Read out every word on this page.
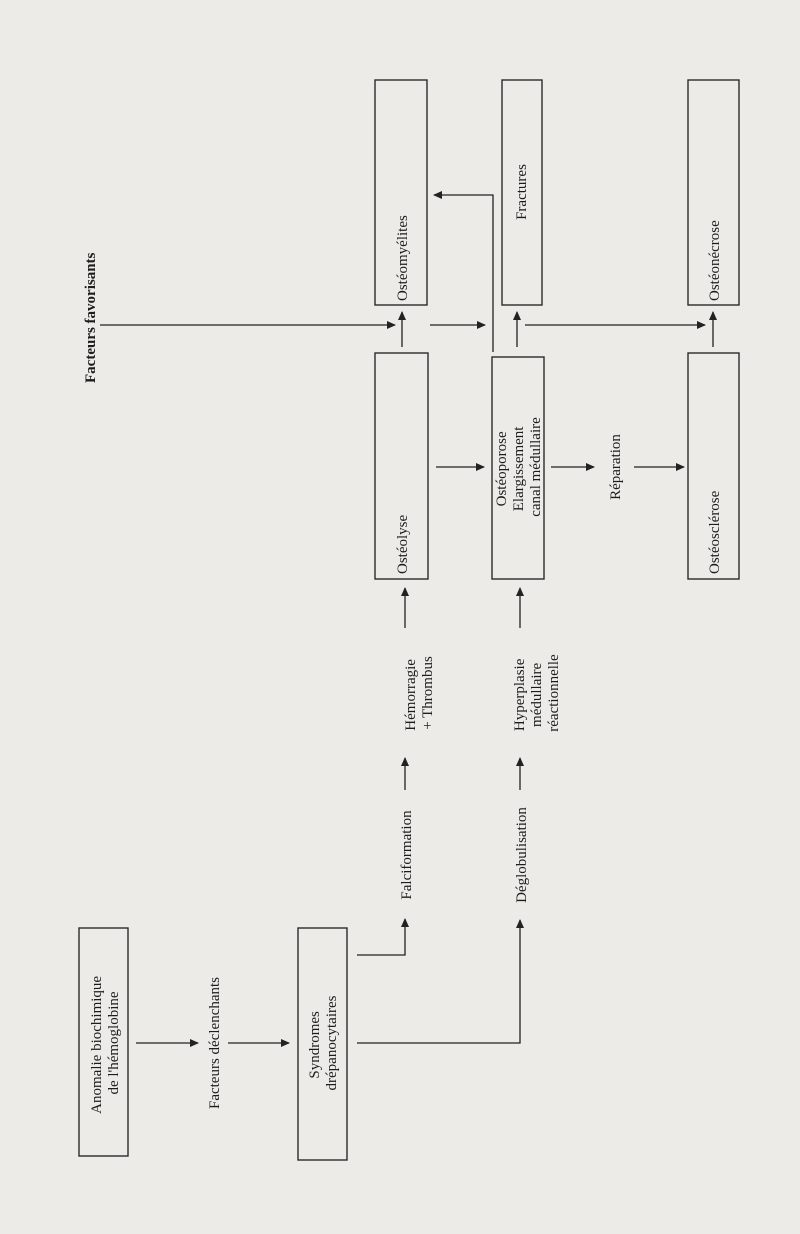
Anomalie biochimique de l'hémoglobine	Facteurs déclenchants	Syndromes drépanocytaires
Falciformation	Déglobulisation
Hémorragie + Thrombus	Hyperplasie médullaire réactionnelle
Ostéolyse
Ostéoporose Elargissement canal médullaire	Réparation
Ostéosclérose
Ostéomyélites
Fractures
Ostéonécrose
Facteurs favorisants
